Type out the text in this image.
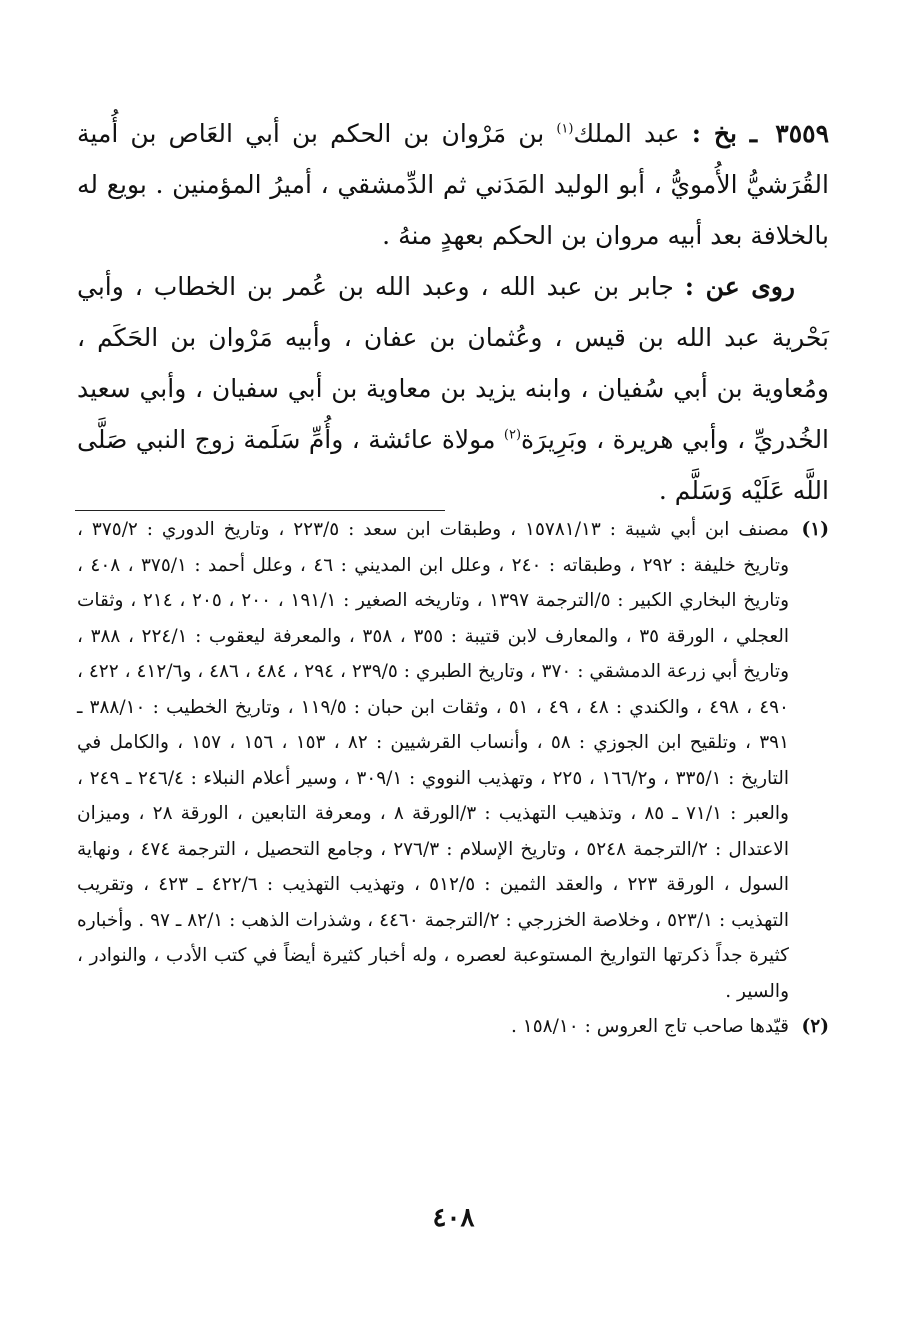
٣٥٥٩ ـ بخ : عبد الملك$^{(١)}$ بن مَرْوان بن الحكم بن أبي العَاص بن أُمية القُرَشيُّ الأُمويُّ ، أبو الوليد المَدَني ثم الدِّمشقي ، أميرُ المؤمنين . بويع له بالخلافة بعد أبيه مروان بن الحكم بعهدٍ منهُ .

روى عن : جابر بن عبد الله ، وعبد الله بن عُمر بن الخطاب ، وأبي بَحْرية عبد الله بن قيس ، وعُثمان بن عفان ، وأبيه مَرْوان بن الحَكَم ، ومُعاوية بن أبي سُفيان ، وابنه يزيد بن معاوية بن أبي سفيان ، وأبي سعيد الخُدريِّ ، وأبي هريرة ، وبَرِيرَة$^{(٢)}$ مولاة عائشة ، وأُمِّ سَلَمة زوج النبي صَلَّى اللَّه عَلَيْه وَسَلَّم .

(١)
مصنف ابن أبي شيبة : ١٥٧٨١/١٣ ، وطبقات ابن سعد : ٢٢٣/٥ ، وتاريخ الدوري : ٣٧٥/٢ ، وتاريخ خليفة : ٢٩٢ ، وطبقاته : ٢٤٠ ، وعلل ابن المديني : ٤٦ ، وعلل أحمد : ٣٧٥/١ ، ٤٠٨ ، وتاريخ البخاري الكبير : ٥/الترجمة ١٣٩٧ ، وتاريخه الصغير : ١٩١/١ ، ٢٠٠ ، ٢٠٥ ، ٢١٤ ، وثقات العجلي ، الورقة ٣٥ ، والمعارف لابن قتيبة : ٣٥٥ ، ٣٥٨ ، والمعرفة ليعقوب : ٢٢٤/١ ، ٣٨٨ ، وتاريخ أبي زرعة الدمشقي : ٣٧٠ ، وتاريخ الطبري : ٢٣٩/٥ ، ٢٩٤ ، ٤٨٤ ، ٤٨٦ ، و٤١٢/٦ ، ٤٢٢ ، ٤٩٠ ، ٤٩٨ ، والكندي : ٤٨ ، ٤٩ ، ٥١ ، وثقات ابن حبان : ١١٩/٥ ، وتاريخ الخطيب : ٣٨٨/١٠ ـ ٣٩١ ، وتلقيح ابن الجوزي : ٥٨ ، وأنساب القرشيين : ٨٢ ، ١٥٣ ، ١٥٦ ، ١٥٧ ، والكامل في التاريخ : ٣٣٥/١ ، و١٦٦/٢ ، ٢٢٥ ، وتهذيب النووي : ٣٠٩/١ ، وسير أعلام النبلاء : ٢٤٦/٤ ـ ٢٤٩ ، والعبر : ٧١/١ ـ ٨٥ ، وتذهيب التهذيب : ٣/الورقة ٨ ، ومعرفة التابعين ، الورقة ٢٨ ، وميزان الاعتدال : ٢/الترجمة ٥٢٤٨ ، وتاريخ الإسلام : ٢٧٦/٣ ، وجامع التحصيل ، الترجمة ٤٧٤ ، ونهاية السول ، الورقة ٢٢٣ ، والعقد الثمين : ٥١٢/٥ ، وتهذيب التهذيب : ٤٢٢/٦ ـ ٤٢٣ ، وتقريب التهذيب : ٥٢٣/١ ، وخلاصة الخزرجي : ٢/الترجمة ٤٤٦٠ ، وشذرات الذهب : ٨٢/١ ـ ٩٧ . وأخباره كثيرة جداً ذكرتها التواريخ المستوعبة لعصره ، وله أخبار كثيرة أيضاً في كتب الأدب ، والنوادر ، والسير .
(٢)
قيّدها صاحب تاج العروس : ١٥٨/١٠ .
٤٠٨
